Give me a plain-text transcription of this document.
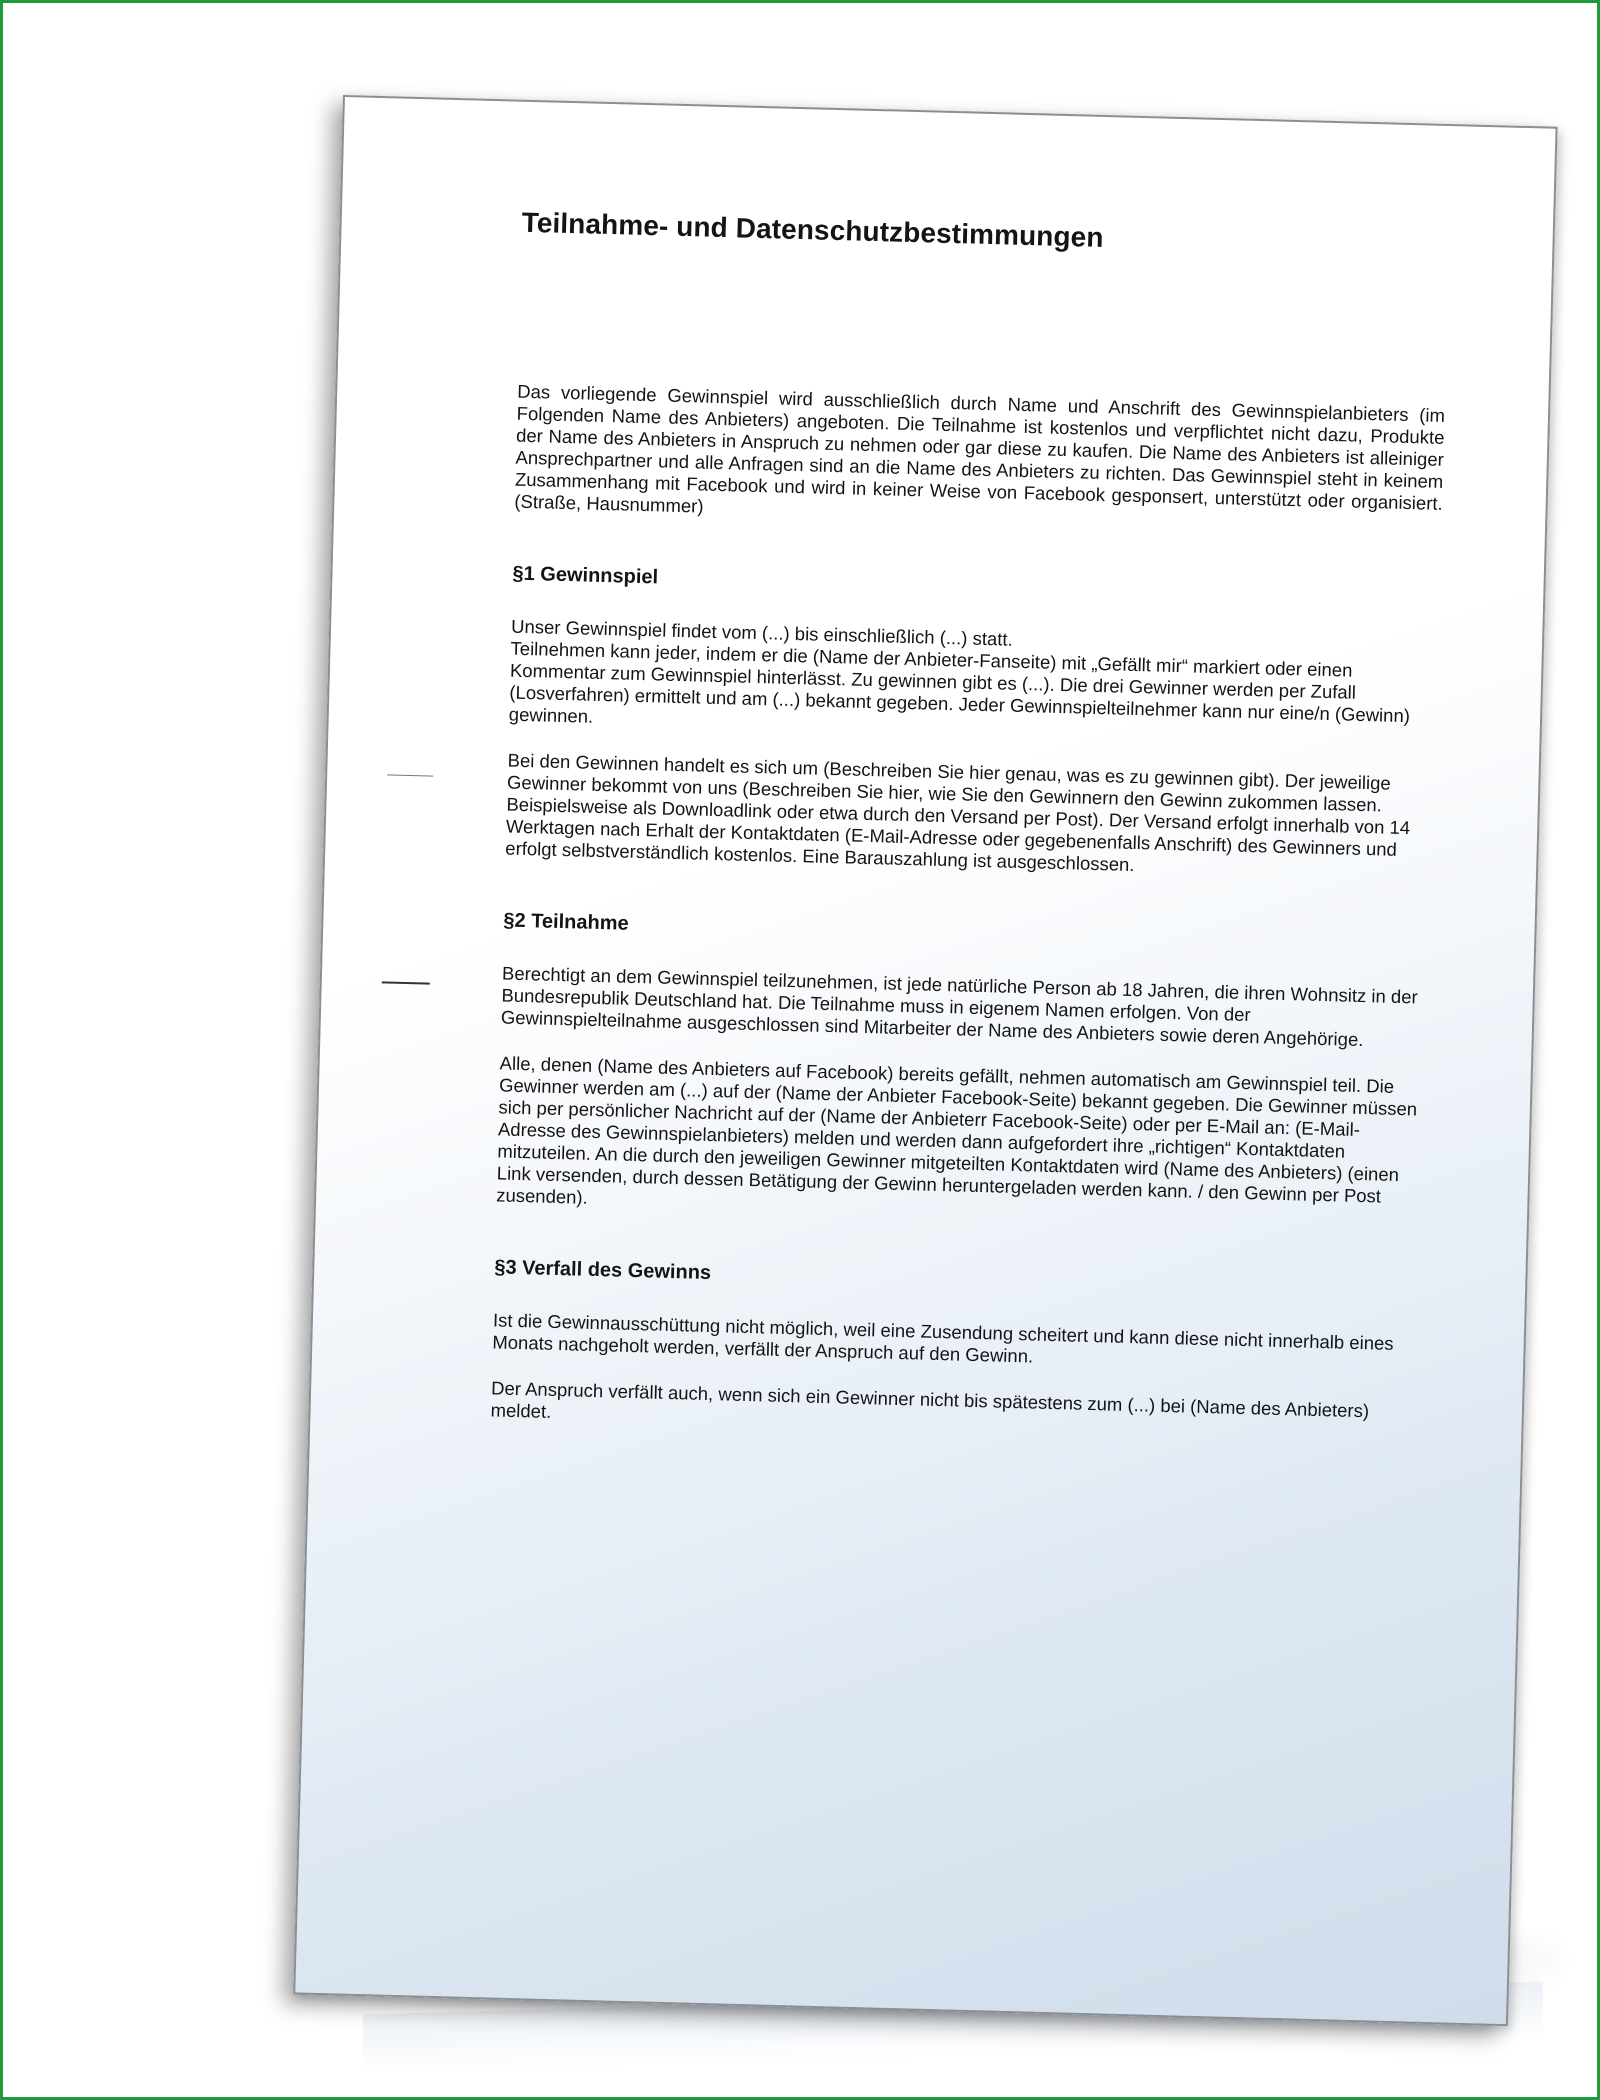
Teilnahme- und Datenschutzbestimmungen

Das vorliegende Gewinnspiel wird ausschließlich durch Name und Anschrift des Gewinnspielanbieters (im Folgenden Name des Anbieters) angeboten. Die Teilnahme ist kostenlos und verpflichtet nicht dazu, Produkte der Name des Anbieters in Anspruch zu nehmen oder gar diese zu kaufen. Die Name des Anbieters ist alleiniger Ansprechpartner und alle Anfragen sind an die Name des Anbieters zu richten. Das Gewinnspiel steht in keinem Zusammenhang mit Facebook und wird in keiner Weise von Facebook gesponsert, unterstützt oder organisiert. (Straße, Hausnummer)

§1 Gewinnspiel

Unser Gewinnspiel findet vom (...) bis einschließlich (...) statt.
Teilnehmen kann jeder, indem er die (Name der Anbieter-Fanseite) mit „Gefällt mir“ markiert oder einen Kommentar zum Gewinnspiel hinterlässt. Zu gewinnen gibt es (...). Die drei Gewinner werden per Zufall (Losverfahren) ermittelt und am (...) bekannt gegeben. Jeder Gewinnspielteilnehmer kann nur eine/n (Gewinn) gewinnen.

Bei den Gewinnen handelt es sich um (Beschreiben Sie hier genau, was es zu gewinnen gibt). Der jeweilige Gewinner bekommt von uns (Beschreiben Sie hier, wie Sie den Gewinnern den Gewinn zukommen lassen. Beispielsweise als Downloadlink oder etwa durch den Versand per Post). Der Versand erfolgt innerhalb von 14 Werktagen nach Erhalt der Kontaktdaten (E-Mail-Adresse oder gegebenenfalls Anschrift) des Gewinners und erfolgt selbstverständlich kostenlos. Eine Barauszahlung ist ausgeschlossen.

§2 Teilnahme

Berechtigt an dem Gewinnspiel teilzunehmen, ist jede natürliche Person ab 18 Jahren, die ihren Wohnsitz in der Bundesrepublik Deutschland hat. Die Teilnahme muss in eigenem Namen erfolgen. Von der Gewinnspielteilnahme ausgeschlossen sind Mitarbeiter der Name des Anbieters sowie deren Angehörige.

Alle, denen (Name des Anbieters auf Facebook) bereits gefällt, nehmen automatisch am Gewinnspiel teil. Die Gewinner werden am (...) auf der (Name der Anbieter Facebook-Seite) bekannt gegeben. Die Gewinner müssen sich per persönlicher Nachricht auf der (Name der Anbieterr Facebook-Seite) oder per E-Mail an: (E-Mail-Adresse des Gewinnspielanbieters) melden und werden dann aufgefordert ihre „richtigen“ Kontaktdaten mitzuteilen. An die durch den jeweiligen Gewinner mitgeteilten Kontaktdaten wird (Name des Anbieters) (einen Link versenden, durch dessen Betätigung der Gewinn heruntergeladen werden kann. / den Gewinn per Post zusenden).

§3 Verfall des Gewinns

Ist die Gewinnausschüttung nicht möglich, weil eine Zusendung scheitert und kann diese nicht innerhalb eines Monats nachgeholt werden, verfällt der Anspruch auf den Gewinn.

Der Anspruch verfällt auch, wenn sich ein Gewinner nicht bis spätestens zum (...) bei (Name des Anbieters) meldet.
